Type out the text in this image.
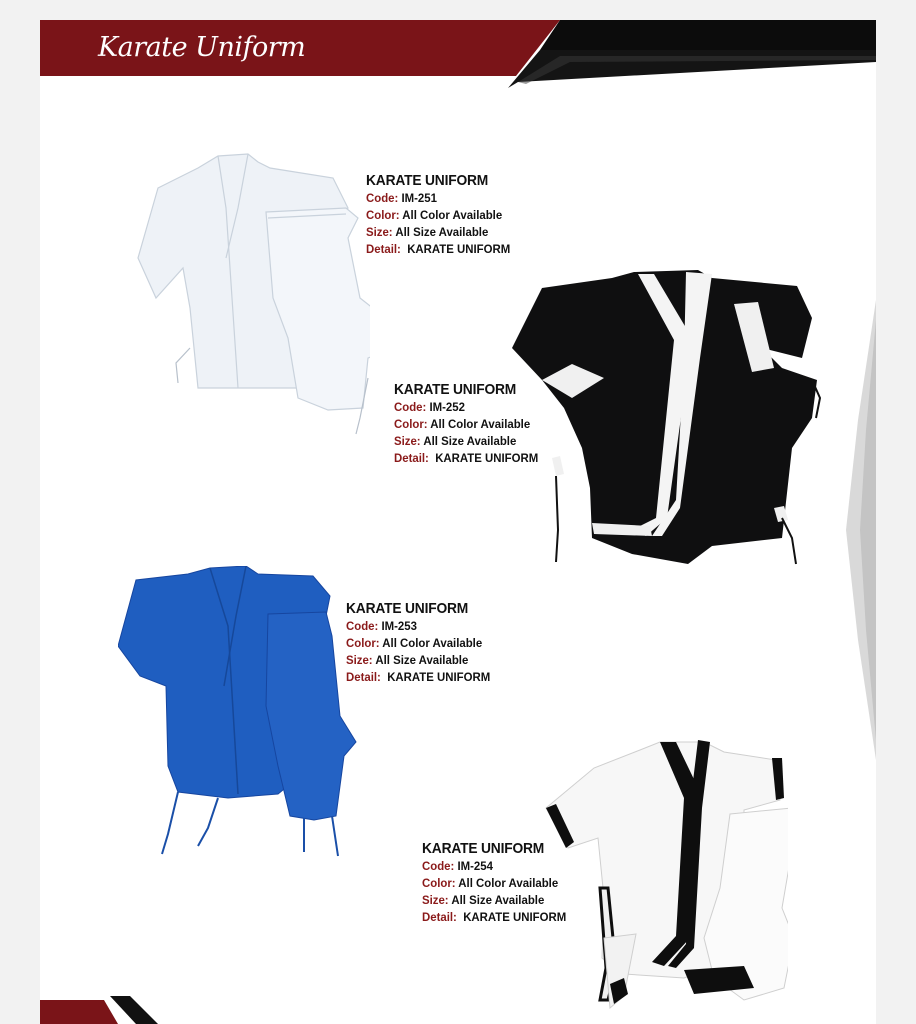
Karate Uniform
KARATE UNIFORM
Code: IM-251
Color: All Color Available
Size: All Size Available
Detail: KARATE UNIFORM
KARATE UNIFORM
Code: IM-252
Color: All Color Available
Size: All Size Available
Detail: KARATE UNIFORM
KARATE UNIFORM
Code: IM-253
Color: All Color Available
Size: All Size Available
Detail: KARATE UNIFORM
KARATE UNIFORM
Code: IM-254
Color: All Color Available
Size: All Size Available
Detail: KARATE UNIFORM
